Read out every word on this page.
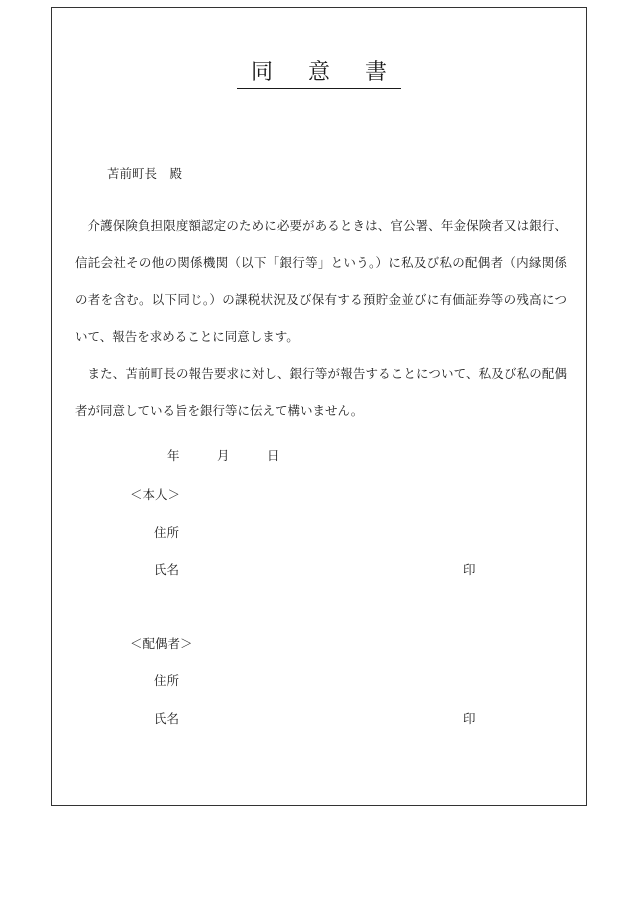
同 意 書
苫前町長　殿

介護保険負担限度額認定のために必要があるときは、官公署、年金保険者又は銀行、信託会社その他の関係機関（以下「銀行等」という。）に私及び私の配偶者（内縁関係の者を含む。以下同じ。）の課税状況及び保有する預貯金並びに有価証券等の残高について、報告を求めることに同意します。

また、苫前町長の報告要求に対し、銀行等が報告することについて、私及び私の配偶者が同意している旨を銀行等に伝えて構いません。

年	月	日
＜本人＞
住所
氏名	印
＜配偶者＞
住所
氏名	印
